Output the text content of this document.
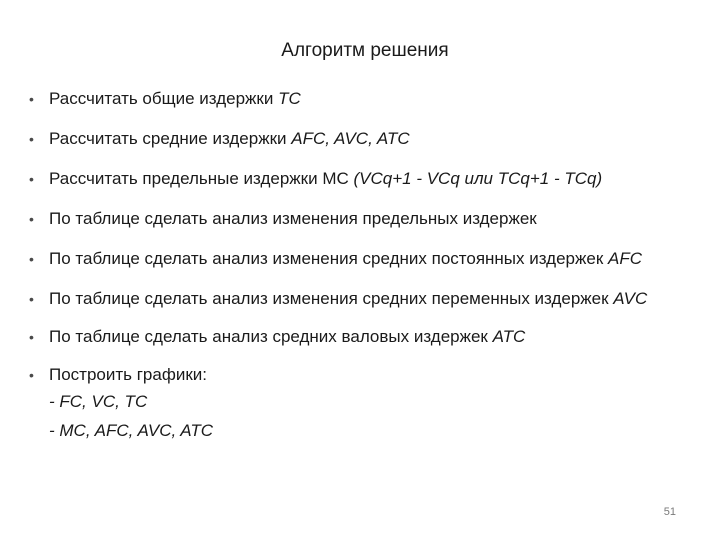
Алгоритм решения
• Рассчитать общие издержки TC
• Рассчитать средние издержки AFC, AVC, ATC
• Рассчитать предельные издержки МС (VCq+1 - VCq или TCq+1 - TCq)
• По таблице сделать анализ изменения предельных издержек
• По таблице сделать анализ изменения средних постоянных издержек AFC
• По таблице сделать анализ изменения средних переменных издержек AVC
• По таблице сделать анализ средних валовых издержек ATC
• Построить графики:
- FC, VC, TC
- MC, AFC, AVC, ATC
51
